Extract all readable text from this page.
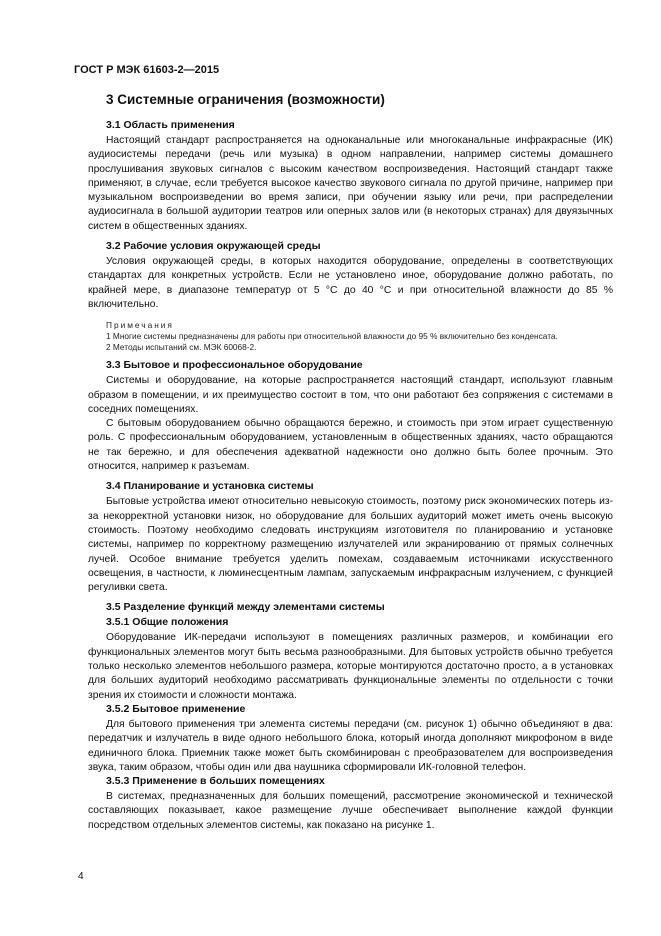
ГОСТ Р МЭК 61603-2—2015
3 Системные ограничения (возможности)
3.1 Область применения

Настоящий стандарт распространяется на одноканальные или многоканальные инфракрасные (ИК) аудиосистемы передачи (речь или музыка) в одном направлении, например системы домашнего прослушивания звуковых сигналов с высоким качеством воспроизведения. Настоящий стандарт также применяют, в случае, если требуется высокое качество звукового сигнала по другой причине, например при музыкальном воспроизведении во время записи, при обучении языку или речи, при распределении аудиосигнала в большой аудитории театров или оперных залов или (в некоторых странах) для двуязычных систем в общественных зданиях.

3.2 Рабочие условия окружающей среды

Условия окружающей среды, в которых находится оборудование, определены в соответствующих стандартах для конкретных устройств. Если не установлено иное, оборудование должно работать, по крайней мере, в диапазоне температур от 5 °С до 40 °С и при относительной влажности до 85 % включительно.

Примечания
1 Многие системы предназначены для работы при относительной влажности до 95 % включительно без конденсата.
2 Методы испытаний см. МЭК 60068-2.
3.3 Бытовое и профессиональное оборудование

Системы и оборудование, на которые распространяется настоящий стандарт, используют главным образом в помещении, и их преимущество состоит в том, что они работают без сопряжения с системами в соседних помещениях.

С бытовым оборудованием обычно обращаются бережно, и стоимость при этом играет существенную роль. С профессиональным оборудованием, установленным в общественных зданиях, часто обращаются не так бережно, и для обеспечения адекватной надежности оно должно быть более прочным. Это относится, например к разъемам.

3.4 Планирование и установка системы

Бытовые устройства имеют относительно невысокую стоимость, поэтому риск экономических потерь из-за некорректной установки низок, но оборудование для больших аудиторий может иметь очень высокую стоимость. Поэтому необходимо следовать инструкциям изготовителя по планированию и установке системы, например по корректному размещению излучателей или экранированию от прямых солнечных лучей. Особое внимание требуется уделить помехам, создаваемым источниками искусственного освещения, в частности, к люминесцентным лампам, запускаемым инфракрасным излучением, с функцией регуливки света.

3.5 Разделение функций между элементами системы
3.5.1 Общие положения

Оборудование ИК-передачи используют в помещениях различных размеров, и комбинации его функциональных элементов могут быть весьма разнообразными. Для бытовых устройств обычно требуется только несколько элементов небольшого размера, которые монтируются достаточно просто, а в установках для больших аудиторий необходимо рассматривать функциональные элементы по отдельности с точки зрения их стоимости и сложности монтажа.

3.5.2 Бытовое применение

Для бытового применения три элемента системы передачи (см. рисунок 1) обычно объединяют в два: передатчик и излучатель в виде одного небольшого блока, который иногда дополняют микрофоном в виде единичного блока. Приемник также может быть скомбинирован с преобразователем для воспроизведения звука, таким образом, чтобы один или два наушника сформировали ИК-головной телефон.

3.5.3 Применение в больших помещениях

В системах, предназначенных для больших помещений, рассмотрение экономической и технической составляющих показывает, какое размещение лучше обеспечивает выполнение каждой функции посредством отдельных элементов системы, как показано на рисунке 1.

4
